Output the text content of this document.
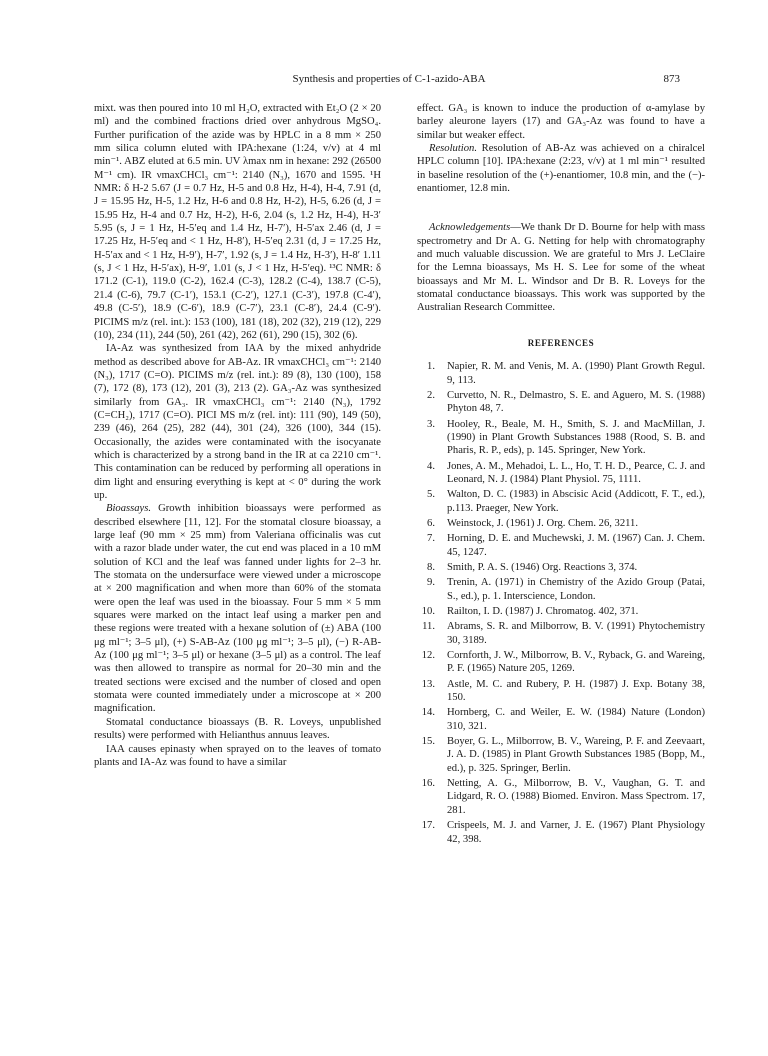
Synthesis and properties of C-1-azido-ABA	873

mixt. was then poured into 10 ml H₂O, extracted with Et₂O (2 × 20 ml) and the combined fractions dried over anhydrous MgSO₄. Further purification of the azide was by HPLC in a 8 mm × 250 mm silica column eluted with IPA:hexane (1:24, v/v) at 4 ml min⁻¹. ABZ eluted at 6.5 min. UV λmax nm in hexane: 292 (26500 M⁻¹ cm). IR νmaxCHCl₃ cm⁻¹: 2140 (N₃), 1670 and 1595. ¹H NMR: δ H-2 5.67 (J = 0.7 Hz, H-5 and 0.8 Hz, H-4), H-4, 7.91 (d, J = 15.95 Hz, H-5, 1.2 Hz, H-6 and 0.8 Hz, H-2), H-5, 6.26 (d, J = 15.95 Hz, H-4 and 0.7 Hz, H-2), H-6, 2.04 (s, 1.2 Hz, H-4), H-3′ 5.95 (s, J = 1 Hz, H-5′eq and 1.4 Hz, H-7′), H-5′ax 2.46 (d, J = 17.25 Hz, H-5′eq and < 1 Hz, H-8′), H-5′eq 2.31 (d, J = 17.25 Hz, H-5′ax and < 1 Hz, H-9′), H-7′, 1.92 (s, J = 1.4 Hz, H-3′), H-8′ 1.11 (s, J < 1 Hz, H-5′ax), H-9′, 1.01 (s, J < 1 Hz, H-5′eq). ¹³C NMR: δ 171.2 (C-1), 119.0 (C-2), 162.4 (C-3), 128.2 (C-4), 138.7 (C-5), 21.4 (C-6), 79.7 (C-1′), 153.1 (C-2′), 127.1 (C-3′), 197.8 (C-4′), 49.8 (C-5′), 18.9 (C-6′), 18.9 (C-7′), 23.1 (C-8′), 24.4 (C-9′). PICIMS m/z (rel. int.): 153 (100), 181 (18), 202 (32), 219 (12), 229 (10), 234 (11), 244 (50), 261 (42), 262 (61), 290 (15), 302 (6).

IA-Az was synthesized from IAA by the mixed anhydride method as described above for AB-Az. IR νmaxCHCl₃ cm⁻¹: 2140 (N₃), 1717 (C=O). PICIMS m/z (rel. int.): 89 (8), 130 (100), 158 (7), 172 (8), 173 (12), 201 (3), 213 (2). GA₃-Az was synthesized similarly from GA₃. IR νmaxCHCl₃ cm⁻¹: 2140 (N₃), 1792 (C=CH₂), 1717 (C=O). PICI MS m/z (rel. int): 111 (90), 149 (50), 239 (46), 264 (25), 282 (44), 301 (24), 326 (100), 344 (15). Occasionally, the azides were contaminated with the isocyanate which is characterized by a strong band in the IR at ca 2210 cm⁻¹. This contamination can be reduced by performing all operations in dim light and ensuring everything is kept at < 0° during the work up.

Bioassays. Growth inhibition bioassays were performed as described elsewhere [11, 12]. For the stomatal closure bioassay, a large leaf (90 mm × 25 mm) from Valeriana officinalis was cut with a razor blade under water, the cut end was placed in a 10 mM solution of KCl and the leaf was fanned under lights for 2–3 hr. The stomata on the undersurface were viewed under a microscope at × 200 magnification and when more than 60% of the stomata were open the leaf was used in the bioassay. Four 5 mm × 5 mm squares were marked on the intact leaf using a marker pen and these regions were treated with a hexane solution of (±) ABA (100 μg ml⁻¹; 3–5 μl), (+) S-AB-Az (100 μg ml⁻¹; 3–5 μl), (−) R-AB-Az (100 μg ml⁻¹; 3–5 μl) or hexane (3–5 μl) as a control. The leaf was then allowed to transpire as normal for 20–30 min and the treated sections were excised and the number of closed and open stomata were counted immediately under a microscope at × 200 magnification.

Stomatal conductance bioassays (B. R. Loveys, unpublished results) were performed with Helianthus annuus leaves.

IAA causes epinasty when sprayed on to the leaves of tomato plants and IA-Az was found to have a similar

effect. GA₃ is known to induce the production of α-amylase by barley aleurone layers (17) and GA₃-Az was found to have a similar but weaker effect.

Resolution. Resolution of AB-Az was achieved on a chiralcel HPLC column [10]. IPA:hexane (2:23, v/v) at 1 ml min⁻¹ resulted in baseline resolution of the (+)-enantiomer, 10.8 min, and the (−)-enantiomer, 12.8 min.

Acknowledgements—We thank Dr D. Bourne for help with mass spectrometry and Dr A. G. Netting for help with chromatography and much valuable discussion. We are grateful to Mrs J. LeClaire for the Lemna bioassays, Ms H. S. Lee for some of the wheat bioassays and Mr M. L. Windsor and Dr B. R. Loveys for the stomatal conductance bioassays. This work was supported by the Australian Research Committee.

REFERENCES
1. Napier, R. M. and Venis, M. A. (1990) Plant Growth Regul. 9, 113.
2. Curvetto, N. R., Delmastro, S. E. and Aguero, M. S. (1988) Phyton 48, 7.
3. Hooley, R., Beale, M. H., Smith, S. J. and MacMillan, J. (1990) in Plant Growth Substances 1988 (Rood, S. B. and Pharis, R. P., eds), p. 145. Springer, New York.
4. Jones, A. M., Mehadoi, L. L., Ho, T. H. D., Pearce, C. J. and Leonard, N. J. (1984) Plant Physiol. 75, 1111.
5. Walton, D. C. (1983) in Abscisic Acid (Addicott, F. T., ed.), p.113. Praeger, New York.
6. Weinstock, J. (1961) J. Org. Chem. 26, 3211.
7. Horning, D. E. and Muchewski, J. M. (1967) Can. J. Chem. 45, 1247.
8. Smith, P. A. S. (1946) Org. Reactions 3, 374.
9. Trenin, A. (1971) in Chemistry of the Azido Group (Patai, S., ed.), p. 1. Interscience, London.
10. Railton, I. D. (1987) J. Chromatog. 402, 371.
11. Abrams, S. R. and Milborrow, B. V. (1991) Phytochemistry 30, 3189.
12. Cornforth, J. W., Milborrow, B. V., Ryback, G. and Wareing, P. F. (1965) Nature 205, 1269.
13. Astle, M. C. and Rubery, P. H. (1987) J. Exp. Botany 38, 150.
14. Hornberg, C. and Weiler, E. W. (1984) Nature (London) 310, 321.
15. Boyer, G. L., Milborrow, B. V., Wareing, P. F. and Zeevaart, J. A. D. (1985) in Plant Growth Substances 1985 (Bopp, M., ed.), p. 325. Springer, Berlin.
16. Netting, A. G., Milborrow, B. V., Vaughan, G. T. and Lidgard, R. O. (1988) Biomed. Environ. Mass Spectrom. 17, 281.
17. Crispeels, M. J. and Varner, J. E. (1967) Plant Physiology 42, 398.
